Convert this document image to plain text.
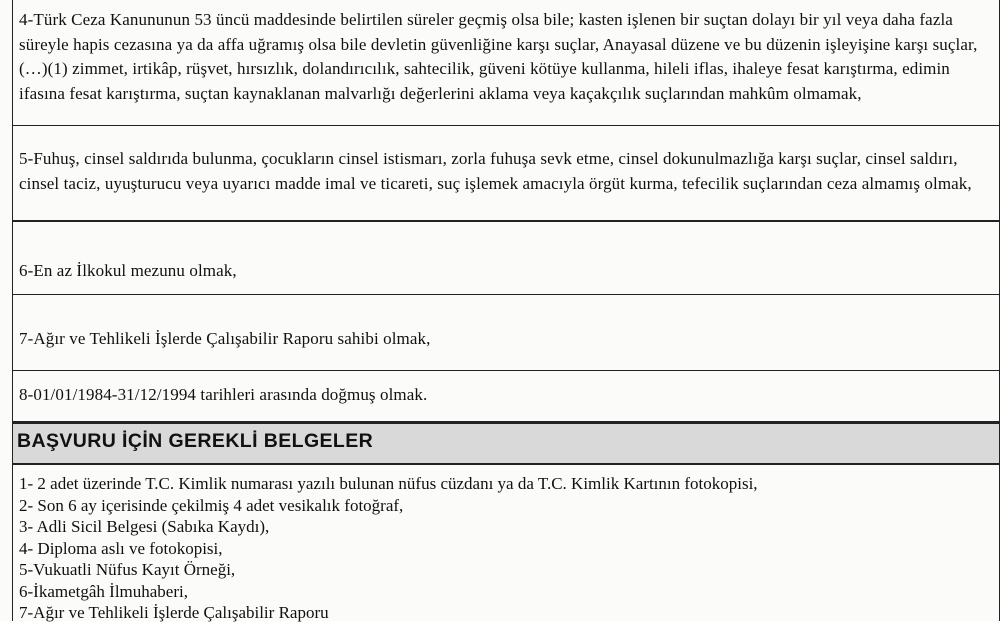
4-Türk Ceza Kanununun 53 üncü maddesinde belirtilen süreler geçmiş olsa bile; kasten işlenen bir suçtan dolayı bir yıl veya daha fazla süreyle hapis cezasına ya da affa uğramış olsa bile devletin güvenliğine karşı suçlar, Anayasal düzene ve bu düzenin işleyişine karşı suçlar, (…)(1) zimmet, irtikâp, rüşvet, hırsızlık, dolandırıcılık, sahtecilik, güveni kötüye kullanma, hileli iflas, ihaleye fesat karıştırma, edimin ifasına fesat karıştırma, suçtan kaynaklanan malvarlığı değerlerini aklama veya kaçakçılık suçlarından mahkûm olmamak,
5-Fuhuş, cinsel saldırıda bulunma, çocukların cinsel istismarı, zorla fuhuşa sevk etme, cinsel dokunulmazlığa karşı suçlar, cinsel saldırı, cinsel taciz, uyuşturucu veya uyarıcı madde imal ve ticareti, suç işlemek amacıyla örgüt kurma, tefecilik suçlarından ceza almamış olmak,
6-En az İlkokul mezunu olmak,
7-Ağır ve Tehlikeli İşlerde Çalışabilir Raporu sahibi olmak,
8-01/01/1984-31/12/1994 tarihleri arasında doğmuş olmak.
BAŞVURU İÇİN GEREKLİ BELGELER
1- 2 adet üzerinde T.C. Kimlik numarası yazılı bulunan nüfus cüzdanı ya da T.C. Kimlik Kartının fotokopisi,
2- Son 6 ay içerisinde çekilmiş 4 adet vesikalık fotoğraf,
3- Adli Sicil Belgesi (Sabıka Kaydı),
4- Diploma aslı ve fotokopisi,
5-Vukuatli Nüfus Kayıt Örneği,
6-İkametgâh İlmuhaberi,
7-Ağır ve Tehlikeli İşlerde Çalışabilir Raporu
